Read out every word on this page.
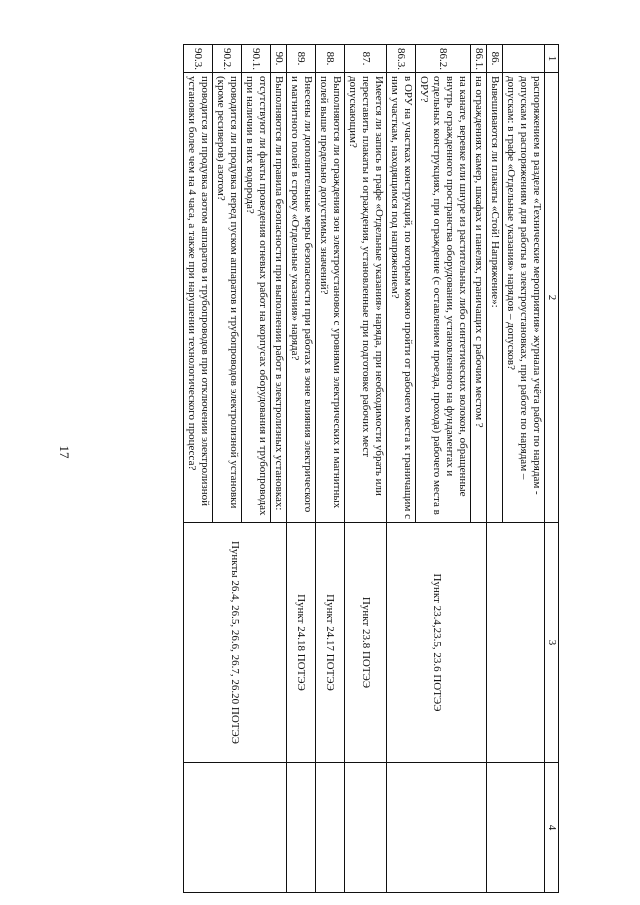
17
1	2	3	4
	распоряжением в разделе «Технические мероприятия» журнала учёта работ по нарядам - допускам и распоряжениям для работы в электроустановках, при работе по нарядам – допускам: в графе «Отдельные указания» нарядов – допусков?		
86.	Вывешиваются ли плакаты «Стой! Напряжение»:		
86.1.	на ограждениях камер, шкафах и панелях, граничащих с рабочим местом ?	Пункт 23.4,23.5, 23.6 ПОТЭЭ	
86.2.	на канате, веревке или шнуре из растительных либо синтетических волокон, обращенные внутрь огражденного пространства оборудовании, установленного на фундаментах и отдельных конструкциях, при ограждение (с оставлением проезда, прохода) рабочего места в ОРУ?		
86.3.	в ОРУ на участках конструкций, по которым можно пройти от рабочего места к граничащим с ним участкам, находящимся под напряжением?		
87.	Имеется ли запись в графе «Отдельные указания» наряда, при необходимости убрать или переставить плакаты и ограждения, установленные при подготовке рабочих мест допускающим?	Пункт 23.8 ПОТЭЭ	
88.	Выполняются ли ограждения зон электроустановок с уровнями электрических и магнитных полей выше предельно допустимых значений?	Пункт 24.17 ПОТЭЭ	
89.	Внесены ли дополнительные меры безопасности при работах в зоне влияния электрического и магнитного полей в строку «Отдельные указания» наряда?	Пункт 24.18 ПОТЭЭ	
90.	Выполняются ли правила безопасности при выполнении работ в электролизных установках:	Пункты 26.4, 26.5, 26.6, 26.7, 26.20 ПОТЭЭ	
90.1.	отсутствуют ли факты проведения огневых работ на корпусах оборудования и трубопроводах при наличии в них водорода?		
90.2.	проводится ли продувка перед пуском аппаратов и трубопроводов электролизной установки (кроме ресиверов) азотом?		
90.3.	проводится ли продувка азотом аппаратов и трубопроводов при отключении электролизной установки более чем на 4 часа, а также при нарушении технологического процесса?		
